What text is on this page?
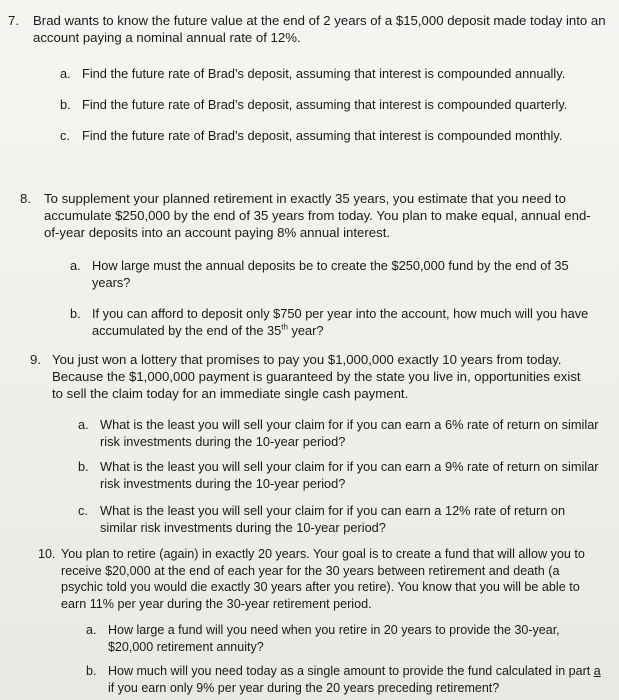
7.	Brad wants to know the future value at the end of 2 years of a $15,000 deposit made today into an account paying a nominal annual rate of 12%.
a. Find the future rate of Brad’s deposit, assuming that interest is compounded annually.
b. Find the future rate of Brad’s deposit, assuming that interest is compounded quarterly.
c. Find the future rate of Brad’s deposit, assuming that interest is compounded monthly.
8. To supplement your planned retirement in exactly 35 years, you estimate that you need to accumulate $250,000 by the end of 35 years from today. You plan to make equal, annual end-of-year deposits into an account paying 8% annual interest.
a. How large must the annual deposits be to create the $250,000 fund by the end of 35 years?
b. If you can afford to deposit only $750 per year into the account, how much will you have accumulated by the end of the 35th year?
9. You just won a lottery that promises to pay you $1,000,000 exactly 10 years from today. Because the $1,000,000 payment is guaranteed by the state you live in, opportunities exist to sell the claim today for an immediate single cash payment.
a. What is the least you will sell your claim for if you can earn a 6% rate of return on similar risk investments during the 10-year period?
b. What is the least you will sell your claim for if you can earn a 9% rate of return on similar risk investments during the 10-year period?
c. What is the least you will sell your claim for if you can earn a 12% rate of return on similar risk investments during the 10-year period?
10. You plan to retire (again) in exactly 20 years. Your goal is to create a fund that will allow you to receive $20,000 at the end of each year for the 30 years between retirement and death (a psychic told you would die exactly 30 years after you retire). You know that you will be able to earn 11% per year during the 30-year retirement period.
a. How large a fund will you need when you retire in 20 years to provide the 30-year, $20,000 retirement annuity?
b. How much will you need today as a single amount to provide the fund calculated in part a if you earn only 9% per year during the 20 years preceding retirement?
